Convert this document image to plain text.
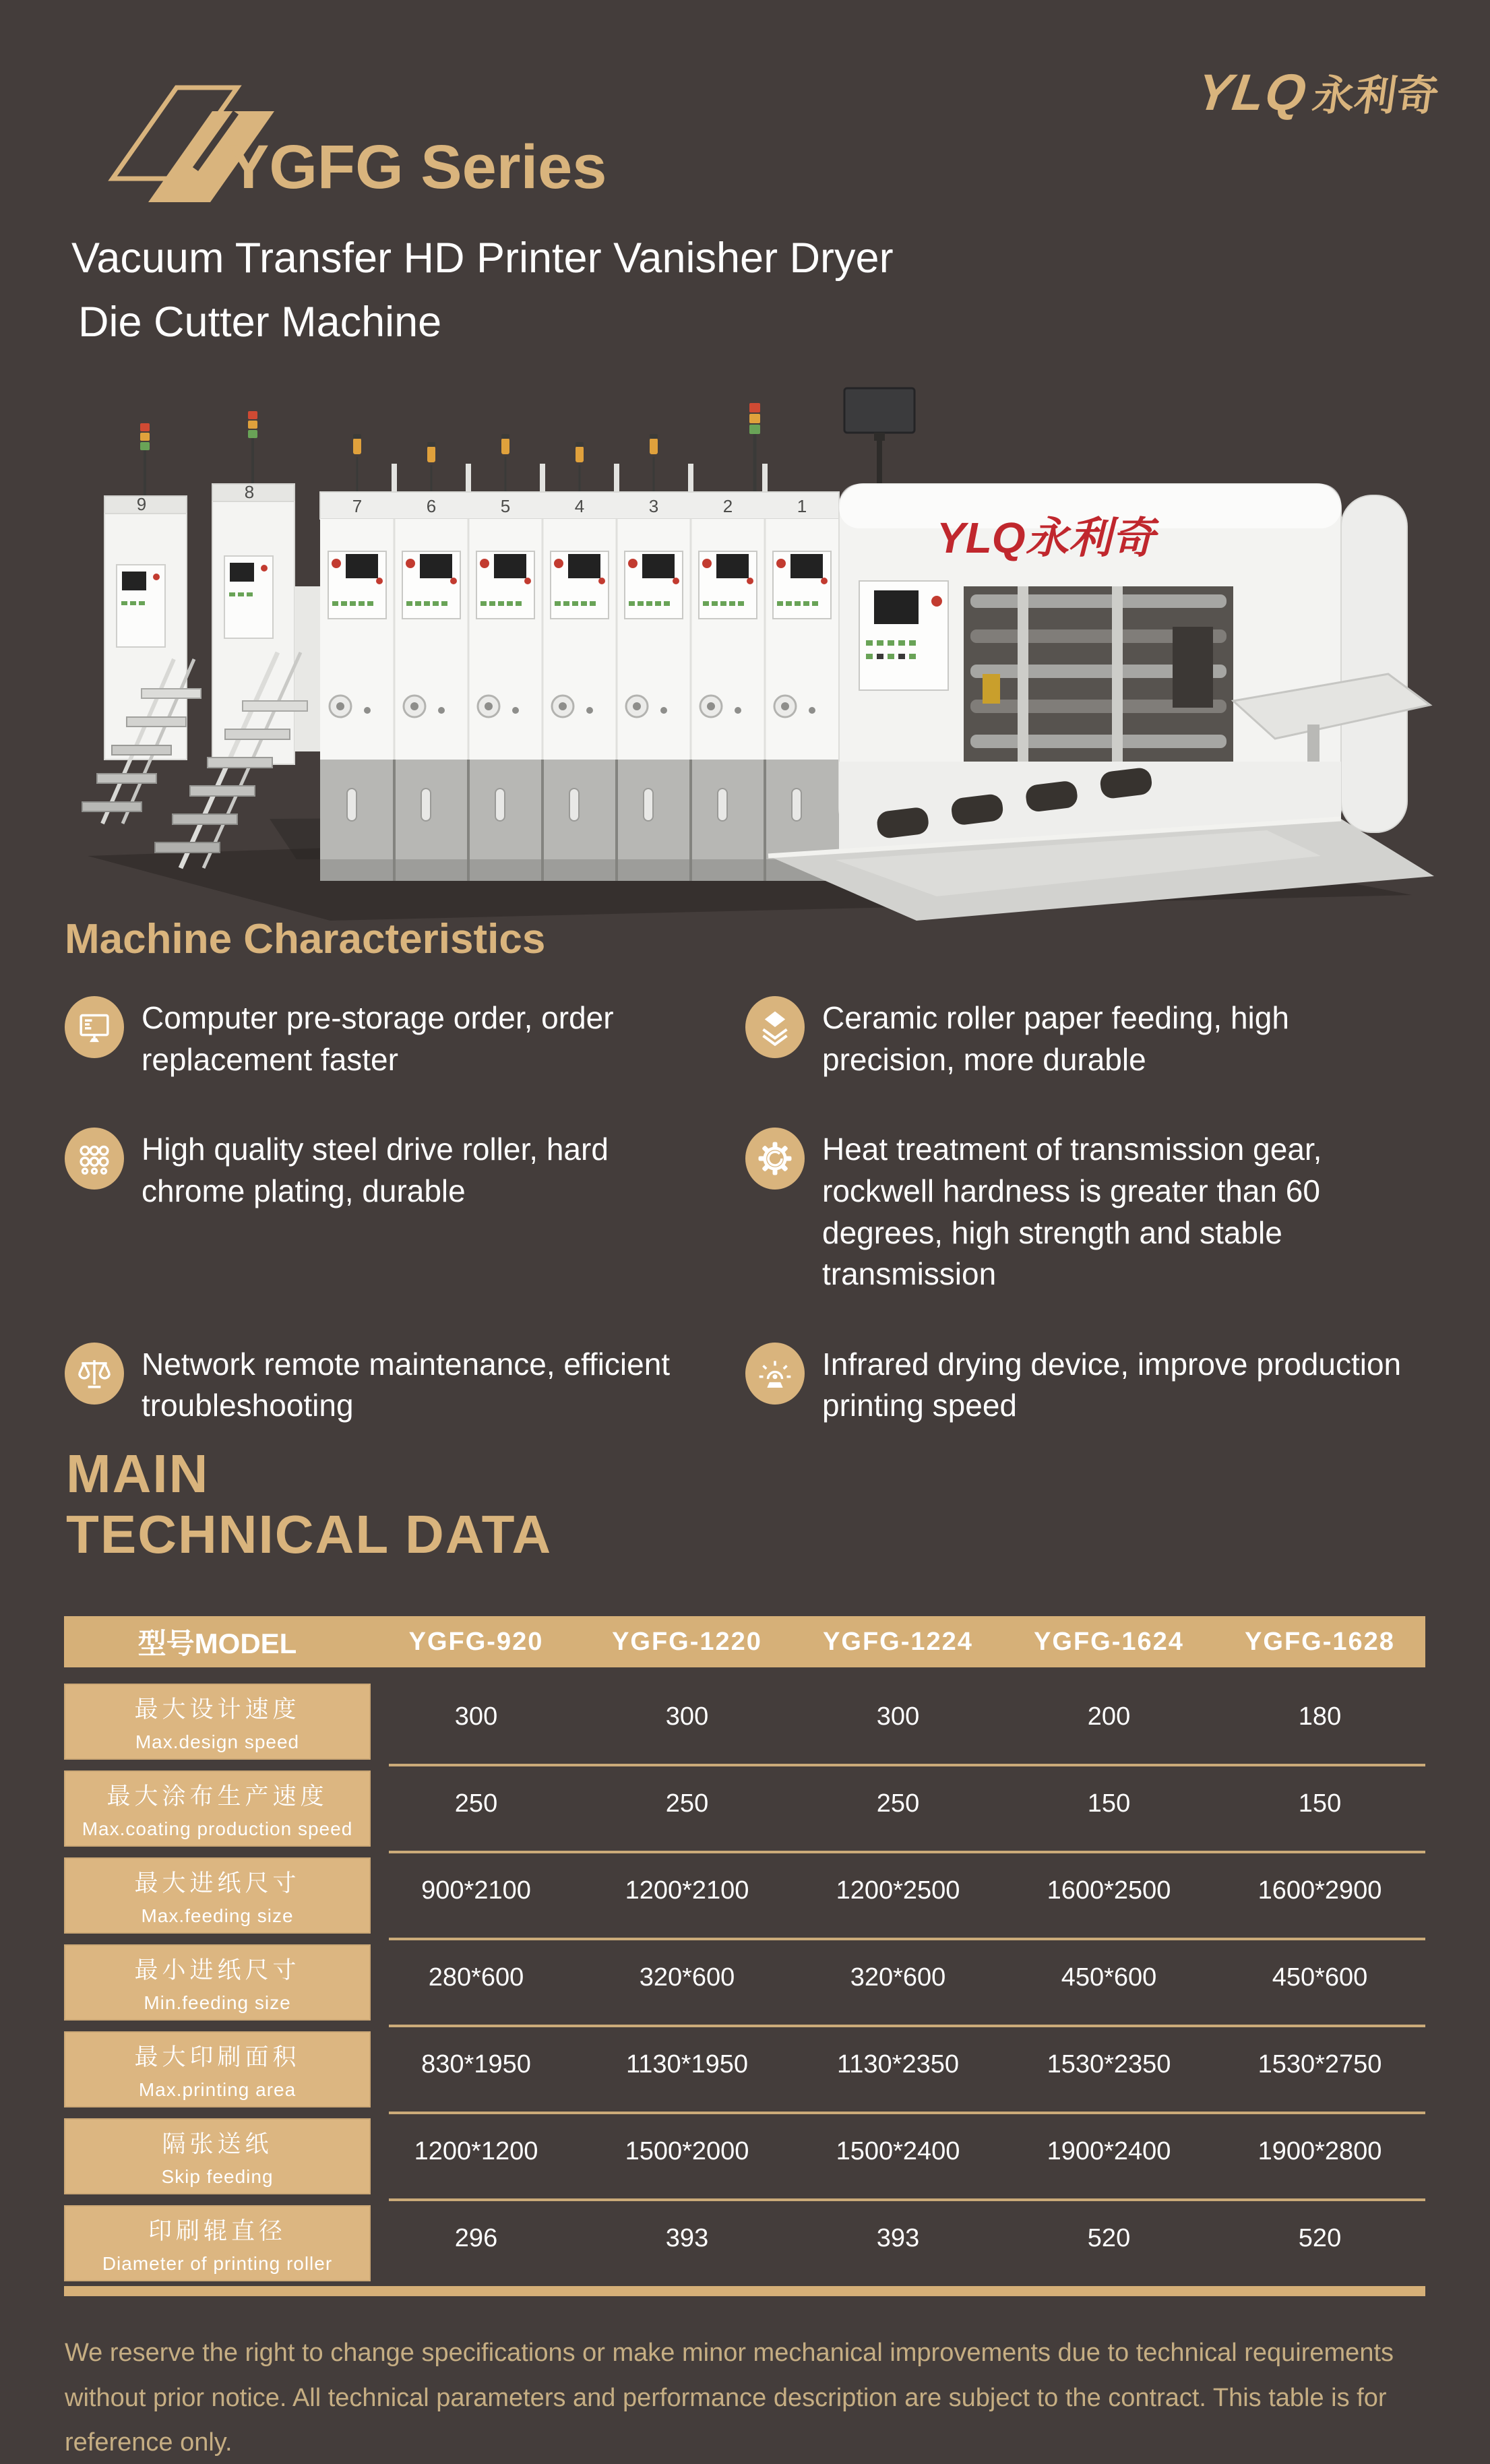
YLQ
永利奇
YGFG Series
Vacuum Transfer HD Printer Vanisher Dryer
Die Cutter Machine
9
8
7	6	5	4	3	2	1
YLQ永利奇
Machine Characteristics
Computer pre-storage order, order replacement faster
High quality steel drive roller, hard chrome plating, durable
Network remote maintenance, efficient troubleshooting
Ceramic roller paper feeding, high precision, more durable
Heat treatment of transmission gear, rockwell hardness is greater than 60 degrees, high strength and stable transmission
Infrared drying device, improve production printing speed
MAIN
TECHNICAL DATA
型号MODEL	YGFG-920	YGFG-1220	YGFG-1224	YGFG-1624	YGFG-1628
最大设计速度
Max.design speed
300	300	300	200	180
最大涂布生产速度
Max.coating production speed
250	250	250	150	150
最大进纸尺寸
Max.feeding size
900*2100	1200*2100	1200*2500	1600*2500	1600*2900
最小进纸尺寸
Min.feeding size
280*600	320*600	320*600	450*600	450*600
最大印刷面积
Max.printing area
830*1950	1130*1950	1130*2350	1530*2350	1530*2750
隔张送纸
Skip feeding
1200*1200	1500*2000	1500*2400	1900*2400	1900*2800
印刷辊直径
Diameter of printing roller
296	393	393	520	520
We reserve the right to change specifications or make minor mechanical improvements due to technical requirements without prior notice. All technical parameters and performance description are subject to the contract. This table is for reference only.
